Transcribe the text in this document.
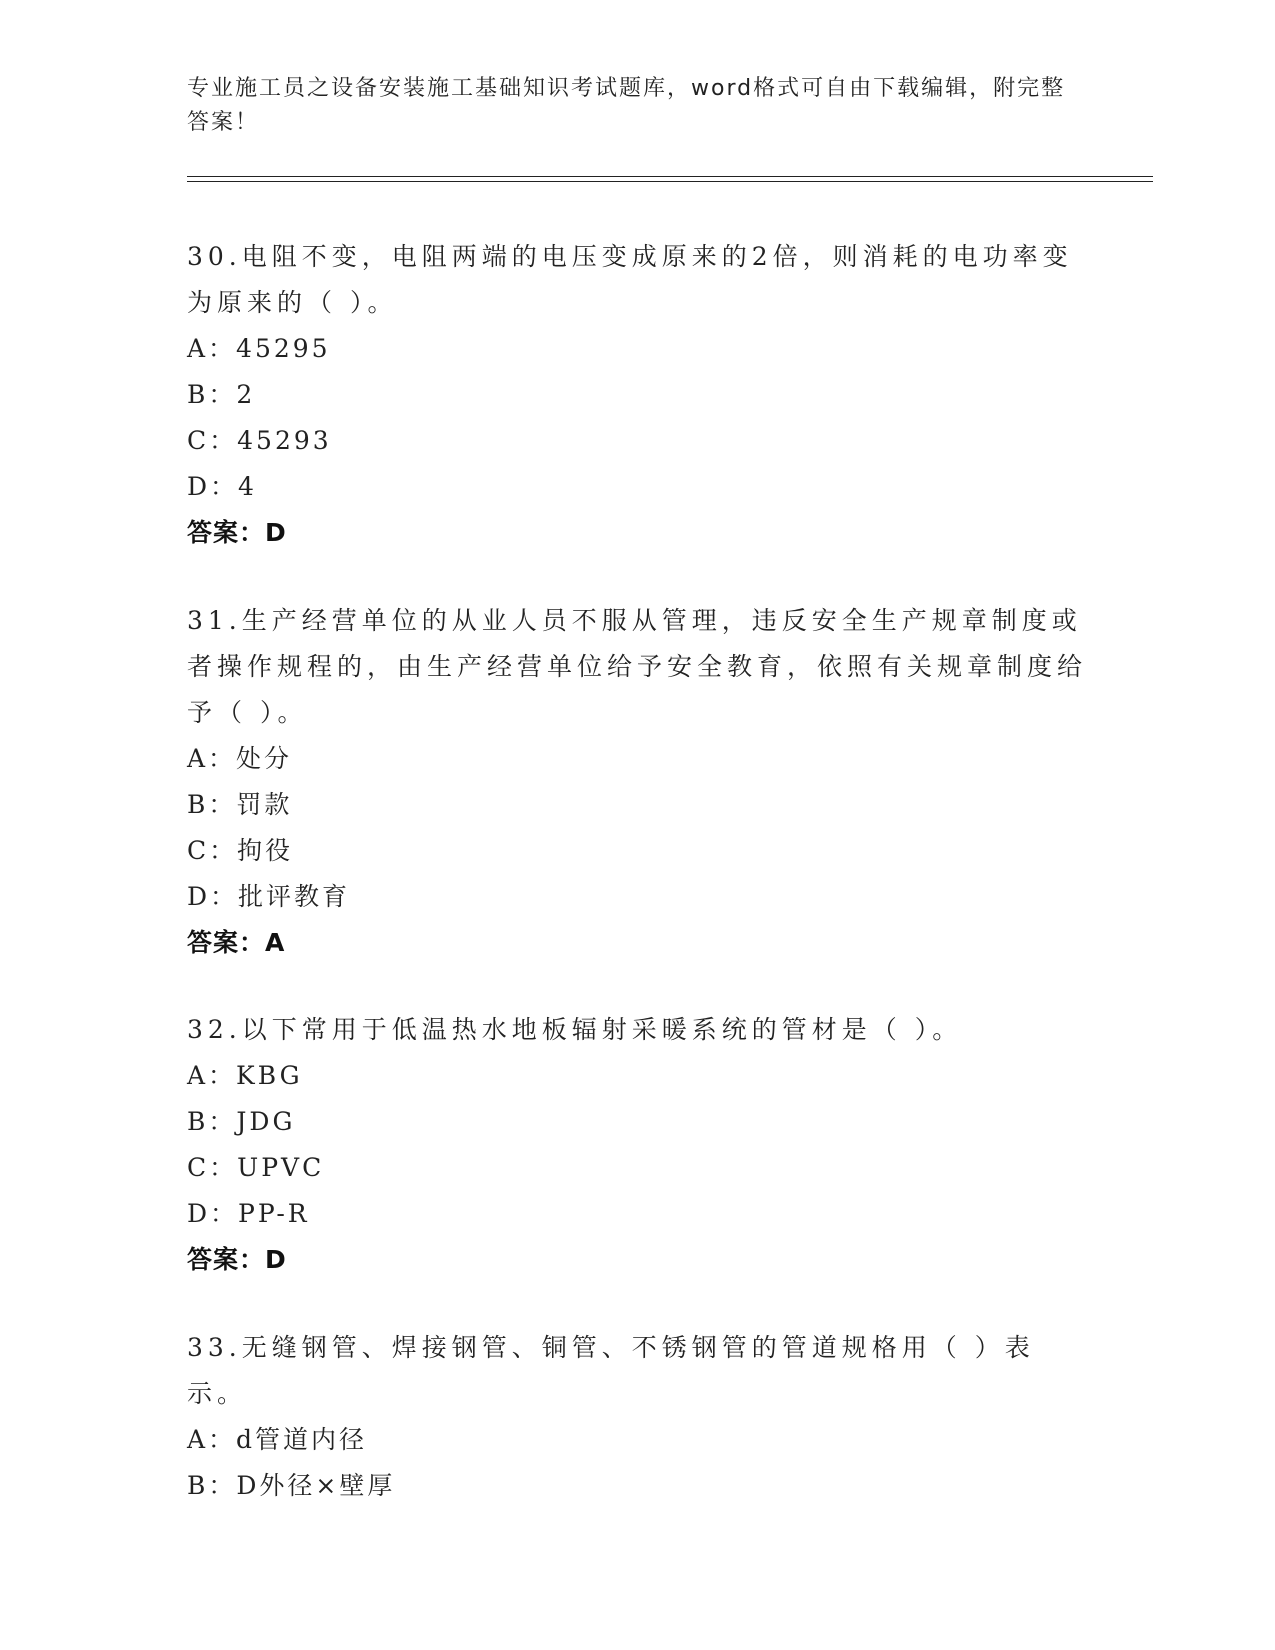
专业施工员之设备安装施工基础知识考试题库，word格式可自由下载编辑，附完整答案！
30.电阻不变，电阻两端的电压变成原来的2倍，则消耗的电功率变为原来的（ ）。
A：45295
B：2
C：45293
D：4
答案：D
31.生产经营单位的从业人员不服从管理，违反安全生产规章制度或者操作规程的，由生产经营单位给予安全教育，依照有关规章制度给予（ ）。
A：处分
B：罚款
C：拘役
D：批评教育
答案：A
32.以下常用于低温热水地板辐射采暖系统的管材是（ ）。
A：KBG
B：JDG
C：UPVC
D：PP-R
答案：D
33.无缝钢管、焊接钢管、铜管、不锈钢管的管道规格用（ ）表示。
A：d管道内径
B：D外径×壁厚
